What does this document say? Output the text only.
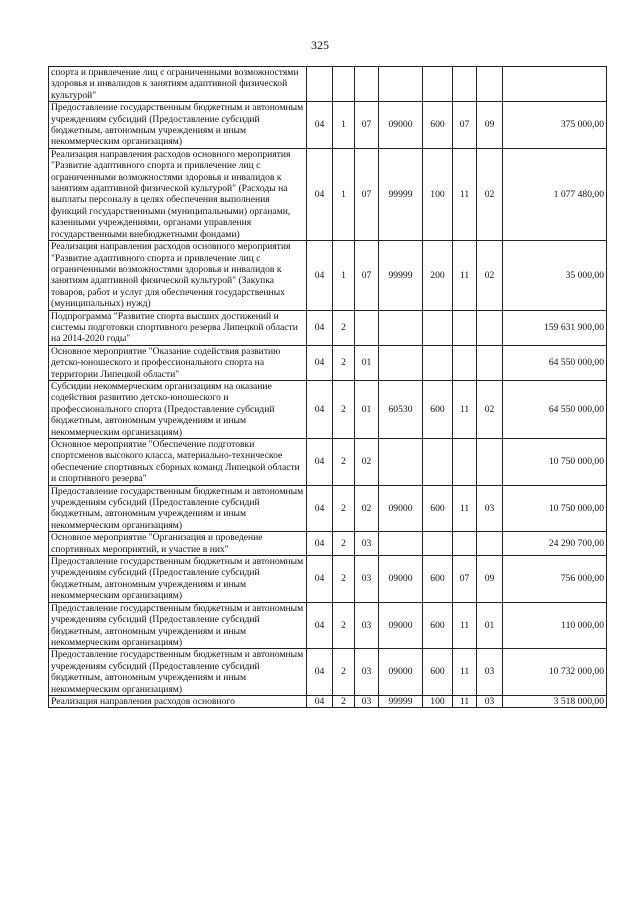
325
спорта и привлечение лиц с ограниченными возможностями здоровья и инвалидов к занятиям адаптивной физической культурой"								
Предоставление государственным бюджетным и автономным учреждениям субсидий (Предоставление субсидий бюджетным, автономным учреждениям и иным некоммерческим организациям)	04	1	07	09000	600	07	09	375 000,00
Реализация направления расходов основного мероприятия "Развитие адаптивного спорта и привлечение лиц с ограниченными возможностями здоровья и инвалидов к занятиям адаптивной физической культурой" (Расходы на выплаты персоналу в целях обеспечения выполнения функций государственными (муниципальными) органами, казенными учреждениями, органами управления государственными внебюджетными фондами)	04	1	07	99999	100	11	02	1 077 480,00
Реализация направления расходов основного мероприятия "Развитие адаптивного спорта и привлечение лиц с ограниченными возможностями здоровья и инвалидов к занятиям адаптивной физической культурой" (Закупка товаров, работ и услуг для обеспечения государственных (муниципальных) нужд)	04	1	07	99999	200	11	02	35 000,00
Подпрограмма "Развитие спорта высших достижений и системы подготовки спортивного резерва Липецкой области на 2014-2020 годы"	04	2						159 631 900,00
Основное мероприятие "Оказание содействия развитию детско-юношеского и профессионального спорта на территории Липецкой области"	04	2	01					64 550 000,00
Субсидии некоммерческим организациям на оказание содействия развитию детско-юношеского и профессионального спорта (Предоставление субсидий бюджетным, автономным учреждениям и иным некоммерческим организациям)	04	2	01	60530	600	11	02	64 550 000,00
Основное мероприятие "Обеспечение подготовки спортсменов высокого класса, материально-техническое обеспечение спортивных сборных команд Липецкой области и спортивного резерва"	04	2	02					10 750 000,00
Предоставление государственным бюджетным и автономным учреждениям субсидий (Предоставление субсидий бюджетным, автономным учреждениям и иным некоммерческим организациям)	04	2	02	09000	600	11	03	10 750 000,00
Основное мероприятие "Организация и проведение спортивных мероприятий, и участие в них"	04	2	03					24 290 700,00
Предоставление государственным бюджетным и автономным учреждениям субсидий (Предоставление субсидий бюджетным, автономным учреждениям и иным некоммерческим организациям)	04	2	03	09000	600	07	09	756 000,00
Предоставление государственным бюджетным и автономным учреждениям субсидий (Предоставление субсидий бюджетным, автономным учреждениям и иным некоммерческим организациям)	04	2	03	09000	600	11	01	110 000,00
Предоставление государственным бюджетным и автономным учреждениям субсидий (Предоставление субсидий бюджетным, автономным учреждениям и иным некоммерческим организациям)	04	2	03	09000	600	11	03	10 732 000,00
Реализация направления расходов основного	04	2	03	99999	100	11	03	3 518 000,00
